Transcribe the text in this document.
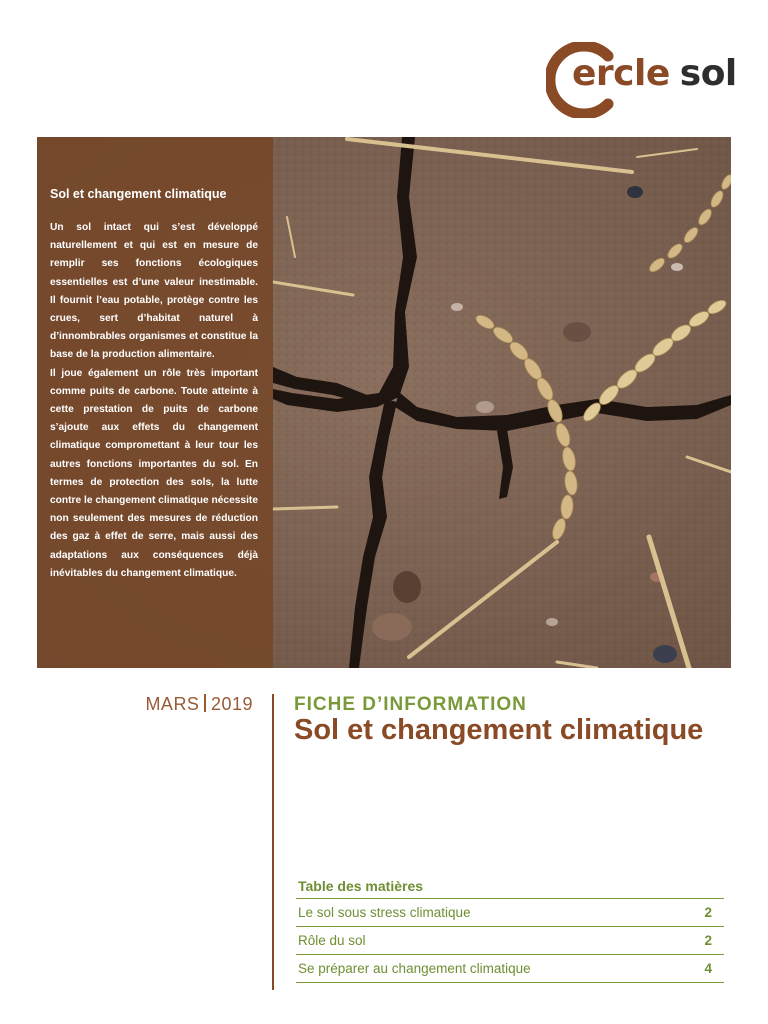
ercle sol
Sol et changement climatique

Un sol intact qui s’est développé naturellement et qui est en mesure de remplir ses fonctions écologiques essentielles est d’une valeur inestimable. Il fournit l’eau potable, protège contre les crues, sert d’habitat naturel à d’innombrables organismes et constitue la base de la production alimentaire.

Il joue également un rôle très important comme puits de carbone. Toute atteinte à cette prestation de puits de carbone s’ajoute aux effets du changement climatique compromettant à leur tour les autres fonctions importantes du sol. En termes de protection des sols, la lutte contre le changement climatique nécessite non seulement des mesures de réduction des gaz à effet de serre, mais aussi des adaptations aux conséquences déjà inévitables du changement climatique.

MARS 2019 FICHE D’INFORMATION
Sol et changement climatique
Table des matières
Le sol sous stress climatique	2
Rôle du sol	2
Se préparer au changement climatique	4
